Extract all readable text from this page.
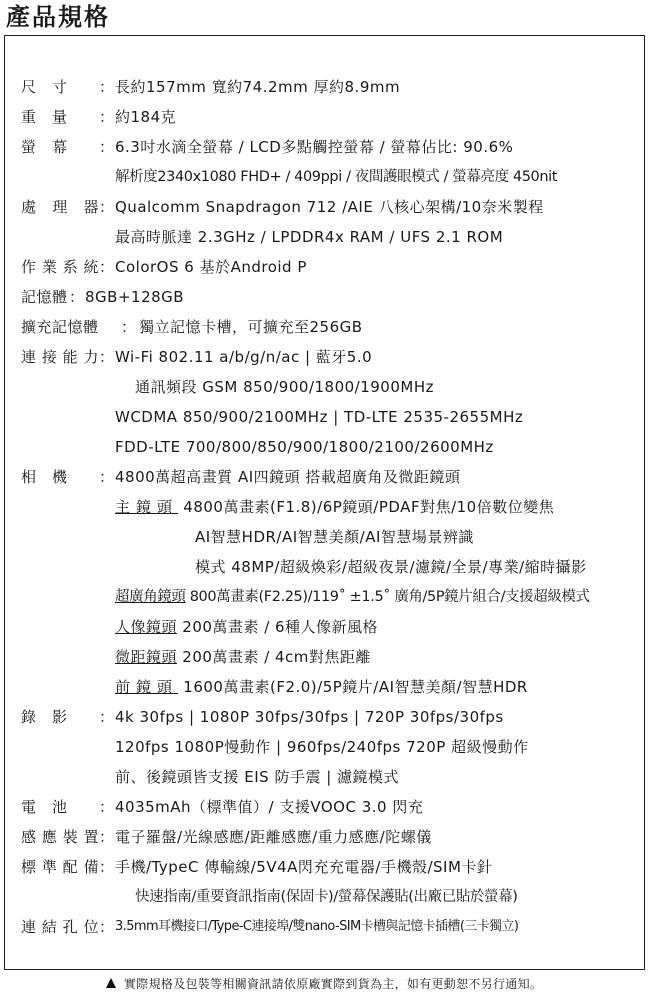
產品規格
尺　寸	： 長約157mm 寬約74.2mm 厚約8.9mm
重　量	： 約184克
螢　幕	： 6.3吋水滴全螢幕 / LCD多點觸控螢幕 / 螢幕佔比: 90.6%
解析度2340x1080 FHD+ / 409ppi / 夜間護眼模式 / 螢幕亮度 450nit
處理器 ： Qualcomm Snapdragon 712 /AIE 八核心架構/10奈米製程
最高時脈達 2.3GHz / LPDDR4x RAM / UFS 2.1 ROM
作業系統 ： ColorOS 6 基於Android P
記憶體 ： 8GB+128GB
擴充記憶體	： 獨立記憶卡槽，可擴充至256GB
連接能力 ： Wi-Fi 802.11 a/b/g/n/ac | 藍牙5.0
通訊頻段 GSM 850/900/1800/1900MHz
WCDMA 850/900/2100MHz | TD-LTE 2535-2655MHz
FDD-LTE 700/800/850/900/1800/2100/2600MHz
相　機	： 4800萬超高畫質 AI四鏡頭 搭載超廣角及微距鏡頭
主鏡頭 4800萬畫素(F1.8)/6P鏡頭/PDAF對焦/10倍數位變焦
AI智慧HDR/AI智慧美顏/AI智慧場景辨識
模式 48MP/超級煥彩/超級夜景/濾鏡/全景/專業/縮時攝影
超廣角鏡頭 800萬畫素(F2.25)/119˚ ±1.5˚ 廣角/5P鏡片組合/支援超級模式
人像鏡頭 200萬畫素 / 6種人像新風格
微距鏡頭 200萬畫素 / 4cm對焦距離
前鏡頭 1600萬畫素(F2.0)/5P鏡片/AI智慧美顏/智慧HDR
錄　影	： 4k 30fps | 1080P 30fps/30fps | 720P 30fps/30fps
120fps 1080P慢動作 | 960fps/240fps 720P 超級慢動作
前、後鏡頭皆支援 EIS 防手震 | 濾鏡模式
電　池	： 4035mAh（標準值）/ 支援VOOC 3.0 閃充
感應裝置 ： 電子羅盤/光線感應/距離感應/重力感應/陀螺儀
標準配備 ： 手機/TypeC 傳輸線/5V4A閃充充電器/手機殼/SIM卡針
快速指南/重要資訊指南(保固卡)/螢幕保護貼(出廠已貼於螢幕)
連結孔位 ： 3.5mm耳機接口/Type-C連接埠/雙nano-SIM卡槽與記憶卡插槽(三卡獨立)
實際規格及包裝等相關資訊請依原廠實際到貨為主，如有更動恕不另行通知。
